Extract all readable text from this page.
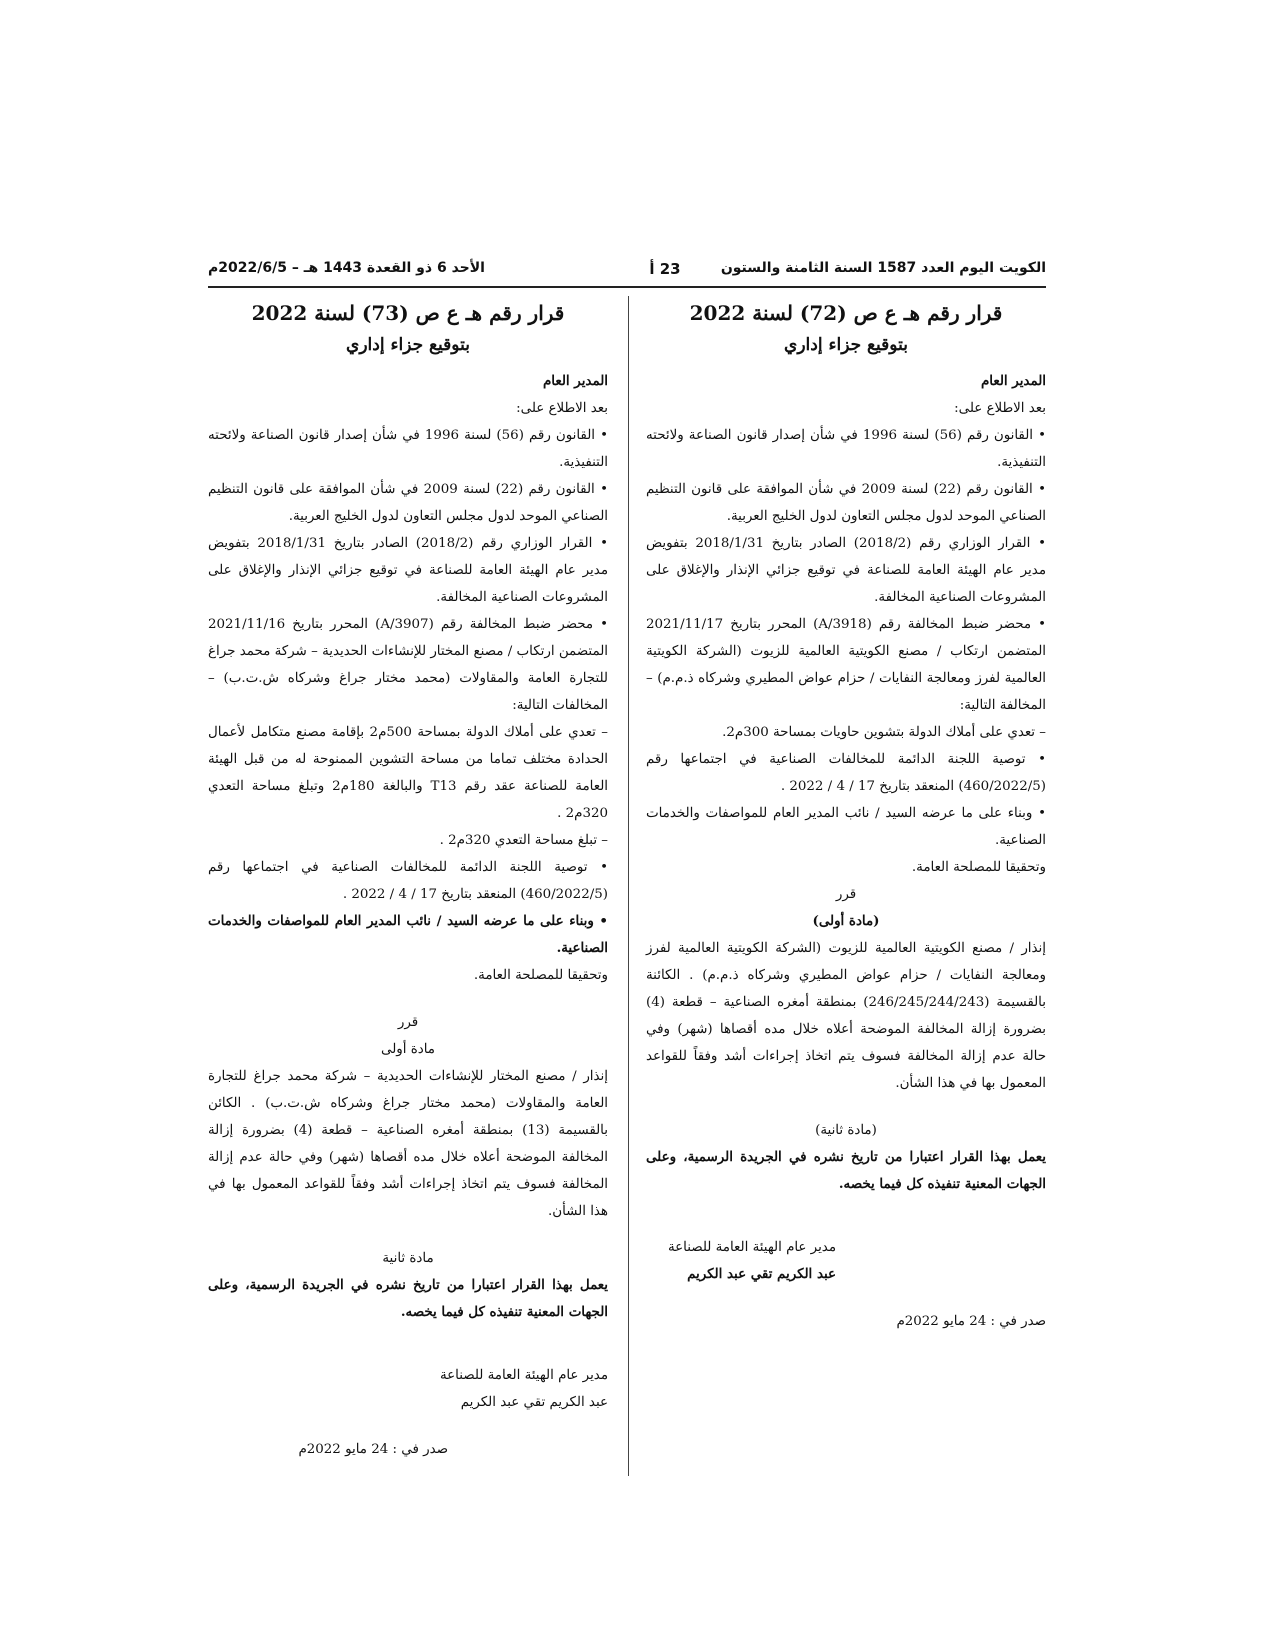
الكويت اليوم العدد 1587 السنة الثامنة والستون
23 أ
الأحد 6 ذو القعدة 1443 هـ – 2022/6/5م
قرار رقم هـ ع ص (72) لسنة 2022
بتوقيع جزاء إداري

المدير العام

بعد الاطلاع على:

• القانون رقم (56) لسنة 1996 في شأن إصدار قانون الصناعة ولائحته التنفيذية.

• القانون رقم (22) لسنة 2009 في شأن الموافقة على قانون التنظيم الصناعي الموحد لدول مجلس التعاون لدول الخليج العربية.

• القرار الوزاري رقم (2018/2) الصادر بتاريخ 2018/1/31 بتفويض مدير عام الهيئة العامة للصناعة في توقيع جزائي الإنذار والإغلاق على المشروعات الصناعية المخالفة.

• محضر ضبط المخالفة رقم (3918/A) المحرر بتاريخ 2021/11/17 المتضمن ارتكاب / مصنع الكويتية العالمية للزيوت (الشركة الكويتية العالمية لفرز ومعالجة النفايات / حزام عواض المطيري وشركاه ذ.م.م) – المخالفة التالية:

– تعدي على أملاك الدولة بتشوين حاويات بمساحة 300م2.

• توصية اللجنة الدائمة للمخالفات الصناعية في اجتماعها رقم (460/2022/5) المنعقد بتاريخ 17 / 4 / 2022 .

• وبناء على ما عرضه السيد / نائب المدير العام للمواصفات والخدمات الصناعية.

وتحقيقا للمصلحة العامة.

قرر

(مادة أولى)

إنذار / مصنع الكويتية العالمية للزيوت (الشركة الكويتية العالمية لفرز ومعالجة النفايات / حزام عواض المطيري وشركاه ذ.م.م) . الكائنة بالقسيمة (246/245/244/243) بمنطقة أمغره الصناعية – قطعة (4) بضرورة إزالة المخالفة الموضحة أعلاه خلال مده أقصاها (شهر) وفي حالة عدم إزالة المخالفة فسوف يتم اتخاذ إجراءات أشد وفقاً للقواعد المعمول بها في هذا الشأن.

(مادة ثانية)

يعمل بهذا القرار اعتبارا من تاريخ نشره في الجريدة الرسمية، وعلى الجهات المعنية تنفيذه كل فيما يخصه.

مدير عام الهيئة العامة للصناعة

عبد الكريم تقي عبد الكريم

صدر في : 24 مايو 2022م

قرار رقم هـ ع ص (73) لسنة 2022
بتوقيع جزاء إداري

المدير العام

بعد الاطلاع على:

• القانون رقم (56) لسنة 1996 في شأن إصدار قانون الصناعة ولائحته التنفيذية.

• القانون رقم (22) لسنة 2009 في شأن الموافقة على قانون التنظيم الصناعي الموحد لدول مجلس التعاون لدول الخليج العربية.

• القرار الوزاري رقم (2018/2) الصادر بتاريخ 2018/1/31 بتفويض مدير عام الهيئة العامة للصناعة في توقيع جزائي الإنذار والإغلاق على المشروعات الصناعية المخالفة.

• محضر ضبط المخالفة رقم (3907/A) المحرر بتاريخ 2021/11/16 المتضمن ارتكاب / مصنع المختار للإنشاءات الحديدية – شركة محمد جراغ للتجارة العامة والمقاولات (محمد مختار جراغ وشركاه ش.ت.ب) – المخالفات التالية:

– تعدي على أملاك الدولة بمساحة 500م2 بإقامة مصنع متكامل لأعمال الحدادة مختلف تماما من مساحة التشوين الممنوحة له من قبل الهيئة العامة للصناعة عقد رقم T13 والبالغة 180م2 وتبلغ مساحة التعدي 320م2 .

– تبلغ مساحة التعدي 320م2 .

• توصية اللجنة الدائمة للمخالفات الصناعية في اجتماعها رقم (460/2022/5) المنعقد بتاريخ 17 / 4 / 2022 .

• وبناء على ما عرضه السيد / نائب المدير العام للمواصفات والخدمات الصناعية.

وتحقيقا للمصلحة العامة.

قرر

مادة أولى

إنذار / مصنع المختار للإنشاءات الحديدية – شركة محمد جراغ للتجارة العامة والمقاولات (محمد مختار جراغ وشركاه ش.ت.ب) . الكائن بالقسيمة (13) بمنطقة أمغره الصناعية – قطعة (4) بضرورة إزالة المخالفة الموضحة أعلاه خلال مده أقصاها (شهر) وفي حالة عدم إزالة المخالفة فسوف يتم اتخاذ إجراءات أشد وفقاً للقواعد المعمول بها في هذا الشأن.

مادة ثانية

يعمل بهذا القرار اعتبارا من تاريخ نشره في الجريدة الرسمية، وعلى الجهات المعنية تنفيذه كل فيما يخصه.

مدير عام الهيئة العامة للصناعة

عبد الكريم تقي عبد الكريم

صدر في : 24 مايو 2022م
